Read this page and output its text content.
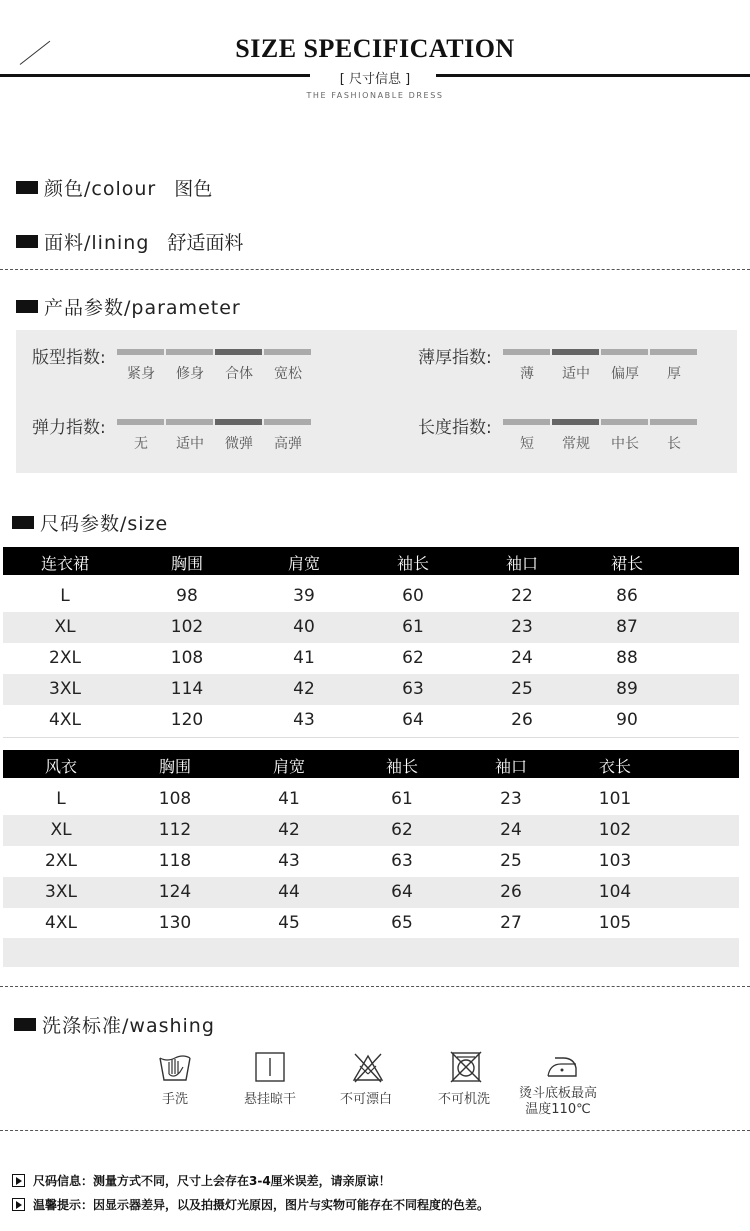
SIZE SPECIFICATION
[ 尺寸信息 ]
THE FASHIONABLE DRESS
颜色/colour 图色
面料/lining 舒适面料
产品参数/parameter
版型指数:
紧身	修身	合体	宽松
薄厚指数:
薄	适中	偏厚	厚
弹力指数:
无	适中	微弹	高弹
长度指数:
短	常规	中长	长
尺码参数/size
连衣裙	胸围	肩宽	袖长	袖口	裙长
L	98	39	60	22	86
XL	102	40	61	23	87
2XL	108	41	62	24	88
3XL	114	42	63	25	89
4XL	120	43	64	26	90
风衣	胸围	肩宽	袖长	袖口	衣长
L	108	41	61	23	101
XL	112	42	62	24	102
2XL	118	43	63	25	103
3XL	124	44	64	26	104
4XL	130	45	65	27	105
洗涤标准/washing
手洗	悬挂晾干	不可漂白	不可机洗	烫斗底板最高
温度110℃
尺码信息：测量方式不同，尺寸上会存在3-4厘米误差，请亲原谅！
温馨提示：因显示器差异，以及拍摄灯光原因，图片与实物可能存在不同程度的色差。
